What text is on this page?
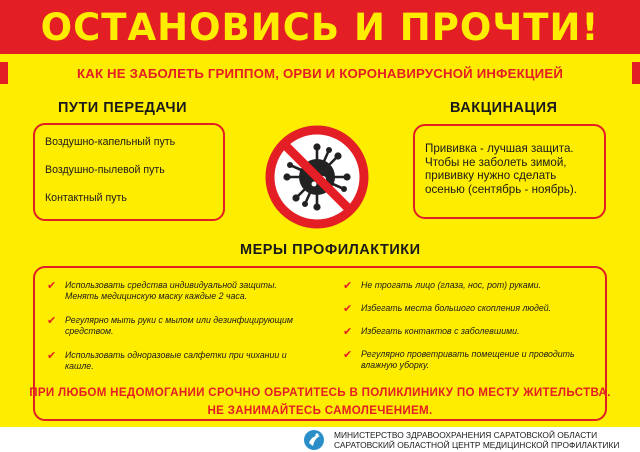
ОСТАНОВИСЬ И ПРОЧТИ!
КАК НЕ ЗАБОЛЕТЬ ГРИППОМ, ОРВИ И КОРОНАВИРУСНОЙ ИНФЕКЦИЕЙ
ПУТИ ПЕРЕДАЧИ	ВАКЦИНАЦИЯ
Воздушно-капельный путь
Воздушно-пылевой путь
Контактный путь
Прививка - лучшая защита.
Чтобы не заболеть зимой,
прививку нужно сделать
осенью (сентябрь - ноябрь).
МЕРЫ ПРОФИЛАКТИКИ
✔ Использовать средства индивидуальной защиты.
Менять медицинскую маску каждые 2 часа.
✔ Регулярно мыть руки с мылом или дезинфицирующим
средством.
✔ Использовать одноразовые салфетки при чихании и
кашле.
✔ Не трогать лицо (глаза, нос, рот) руками.
✔ Избегать места большого скопления людей.
✔ Избегать контактов с заболевшими.
✔ Регулярно проветривать помещение и проводить
влажную уборку.
ПРИ ЛЮБОМ НЕДОМОГАНИИ СРОЧНО ОБРАТИТЕСЬ В ПОЛИКЛИНИКУ ПО МЕСТУ ЖИТЕЛЬСТВА.
НЕ ЗАНИМАЙТЕСЬ САМОЛЕЧЕНИЕМ.
МИНИСТЕРСТВО ЗДРАВООХРАНЕНИЯ САРАТОВСКОЙ ОБЛАСТИ
САРАТОВСКИЙ ОБЛАСТНОЙ ЦЕНТР МЕДИЦИНСКОЙ ПРОФИЛАКТИКИ
